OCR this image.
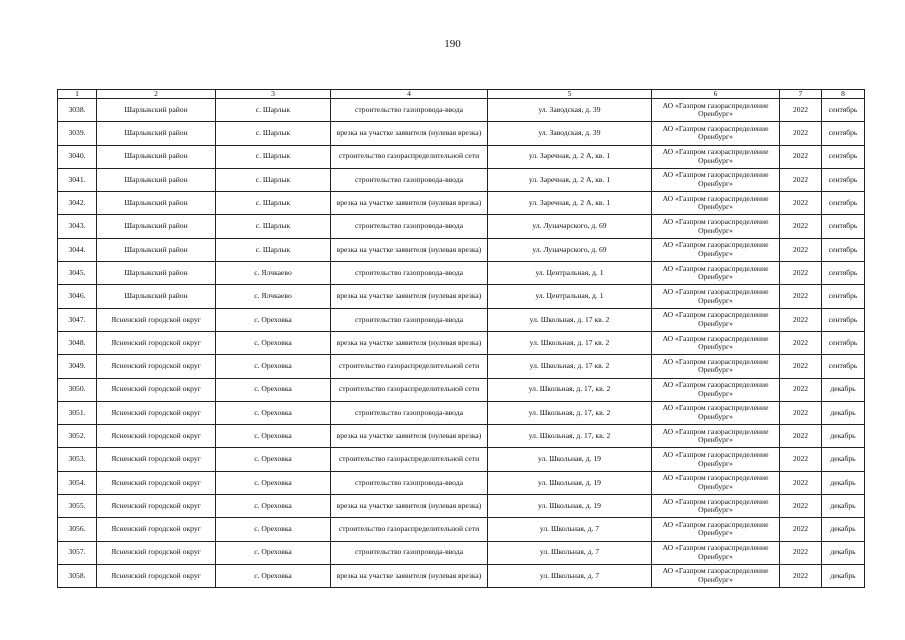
190
1	2	3	4	5	6	7	8
3038.	Шарлыкский район	с. Шарлык	строительство газопровода-ввода	ул. Заводская, д. 39	АО «Газпром газораспределение Оренбург»	2022	сентябрь
3039.	Шарлыкский район	с. Шарлык	врезка на участке заявителя (нулевая врезка)	ул. Заводская, д. 39	АО «Газпром газораспределение Оренбург»	2022	сентябрь
3040.	Шарлыкский район	с. Шарлык	строительство газораспределительной сети	ул. Заречная, д. 2 А, кв. 1	АО «Газпром газораспределение Оренбург»	2022	сентябрь
3041.	Шарлыкский район	с. Шарлык	строительство газопровода-ввода	ул. Заречная, д. 2 А, кв. 1	АО «Газпром газораспределение Оренбург»	2022	сентябрь
3042.	Шарлыкский район	с. Шарлык	врезка на участке заявителя (нулевая врезка)	ул. Заречная, д. 2 А, кв. 1	АО «Газпром газораспределение Оренбург»	2022	сентябрь
3043.	Шарлыкский район	с. Шарлык	строительство газопровода-ввода	ул. Луначарского, д. 69	АО «Газпром газораспределение Оренбург»	2022	сентябрь
3044.	Шарлыкский район	с. Шарлык	врезка на участке заявителя (нулевая врезка)	ул. Луначарского, д. 69	АО «Газпром газораспределение Оренбург»	2022	сентябрь
3045.	Шарлыкский район	с. Ялчкаево	строительство газопровода-ввода	ул. Центральная, д. 1	АО «Газпром газораспределение Оренбург»	2022	сентябрь
3046.	Шарлыкский район	с. Ялчкаево	врезка на участке заявителя (нулевая врезка)	ул. Центральная, д. 1	АО «Газпром газораспределение Оренбург»	2022	сентябрь
3047.	Ясненский городской округ	с. Ореховка	строительство газопровода-ввода	ул. Школьная, д. 17 кв. 2	АО «Газпром газораспределение Оренбург»	2022	сентябрь
3048.	Ясненский городской округ	с. Ореховка	врезка на участке заявителя (нулевая врезка)	ул. Школьная, д. 17 кв. 2	АО «Газпром газораспределение Оренбург»	2022	сентябрь
3049.	Ясненский городской округ	с. Ореховка	строительство газораспределительной сети	ул. Школьная, д. 17 кв. 2	АО «Газпром газораспределение Оренбург»	2022	сентябрь
3050.	Ясненский городской округ	с. Ореховка	строительство газораспределительной сети	ул. Школьная, д. 17, кв. 2	АО «Газпром газораспределение Оренбург»	2022	декабрь
3051.	Ясненский городской округ	с. Ореховка	строительство газопровода-ввода	ул. Школьная, д. 17, кв. 2	АО «Газпром газораспределение Оренбург»	2022	декабрь
3052.	Ясненский городской округ	с. Ореховка	врезка на участке заявителя (нулевая врезка)	ул. Школьная, д. 17, кв. 2	АО «Газпром газораспределение Оренбург»	2022	декабрь
3053.	Ясненский городской округ	с. Ореховка	строительство газораспределительной сети	ул. Школьная, д. 19	АО «Газпром газораспределение Оренбург»	2022	декабрь
3054.	Ясненский городской округ	с. Ореховка	строительство газопровода-ввода	ул. Школьная, д. 19	АО «Газпром газораспределение Оренбург»	2022	декабрь
3055.	Ясненский городской округ	с. Ореховка	врезка на участке заявителя (нулевая врезка)	ул. Школьная, д. 19	АО «Газпром газораспределение Оренбург»	2022	декабрь
3056.	Ясненский городской округ	с. Ореховка	строительство газораспределительной сети	ул. Школьная, д. 7	АО «Газпром газораспределение Оренбург»	2022	декабрь
3057.	Ясненский городской округ	с. Ореховка	строительство газопровода-ввода	ул. Школьная, д. 7	АО «Газпром газораспределение Оренбург»	2022	декабрь
3058.	Ясненский городской округ	с. Ореховка	врезка на участке заявителя (нулевая врезка)	ул. Школьная, д. 7	АО «Газпром газораспределение Оренбург»	2022	декабрь
